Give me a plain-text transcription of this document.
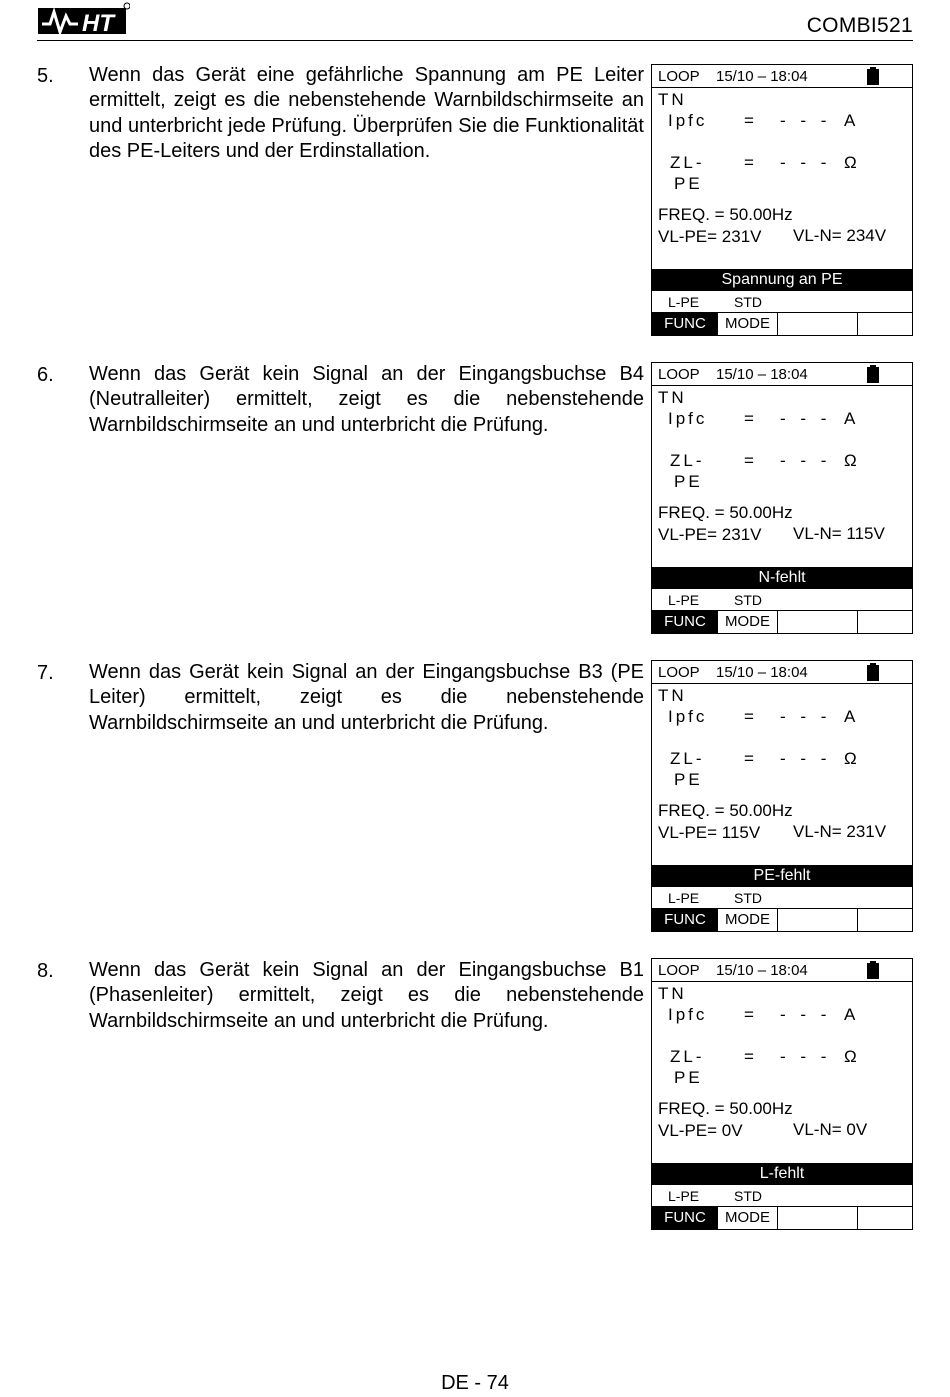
HT	COMBI521
5. Wenn das Gerät eine gefährliche Spannung am PE Leiter ermittelt, zeigt es die nebenstehende Warnbildschirmseite an und unterbricht jede Prüfung. Überprüfen Sie die Funktionalität des PE-Leiters und der Erdinstallation.

LOOP 15/10 – 18:04
TN
Ipfc = - - - A
ZL-
PE
= - - - Ω
FREQ. = 50.00Hz
VL-PE= 231V VL-N= 234V
Spannung an PE
L-PE STD
FUNC	MODE
6. Wenn das Gerät kein Signal an der Eingangsbuchse B4 (Neutralleiter) ermittelt, zeigt es die nebenstehende Warnbildschirmseite an und unterbricht die Prüfung.

LOOP 15/10 – 18:04
TN
Ipfc = - - - A
ZL-
PE
= - - - Ω
FREQ. = 50.00Hz
VL-PE= 231V VL-N= 115V
N-fehlt
L-PE STD
FUNC	MODE
7. Wenn das Gerät kein Signal an der Eingangsbuchse B3 (PE Leiter) ermittelt, zeigt es die nebenstehende Warnbildschirmseite an und unterbricht die Prüfung.

LOOP 15/10 – 18:04
TN
Ipfc = - - - A
ZL-
PE
= - - - Ω
FREQ. = 50.00Hz
VL-PE= 115V VL-N= 231V
PE-fehlt
L-PE STD
FUNC	MODE
8. Wenn das Gerät kein Signal an der Eingangsbuchse B1 (Phasenleiter) ermittelt, zeigt es die nebenstehende Warnbildschirmseite an und unterbricht die Prüfung.

LOOP 15/10 – 18:04
TN
Ipfc = - - - A
ZL-
PE
= - - - Ω
FREQ. = 50.00Hz
VL-PE= 0V	VL-N= 0V
L-fehlt
L-PE STD
FUNC	MODE
DE - 74
